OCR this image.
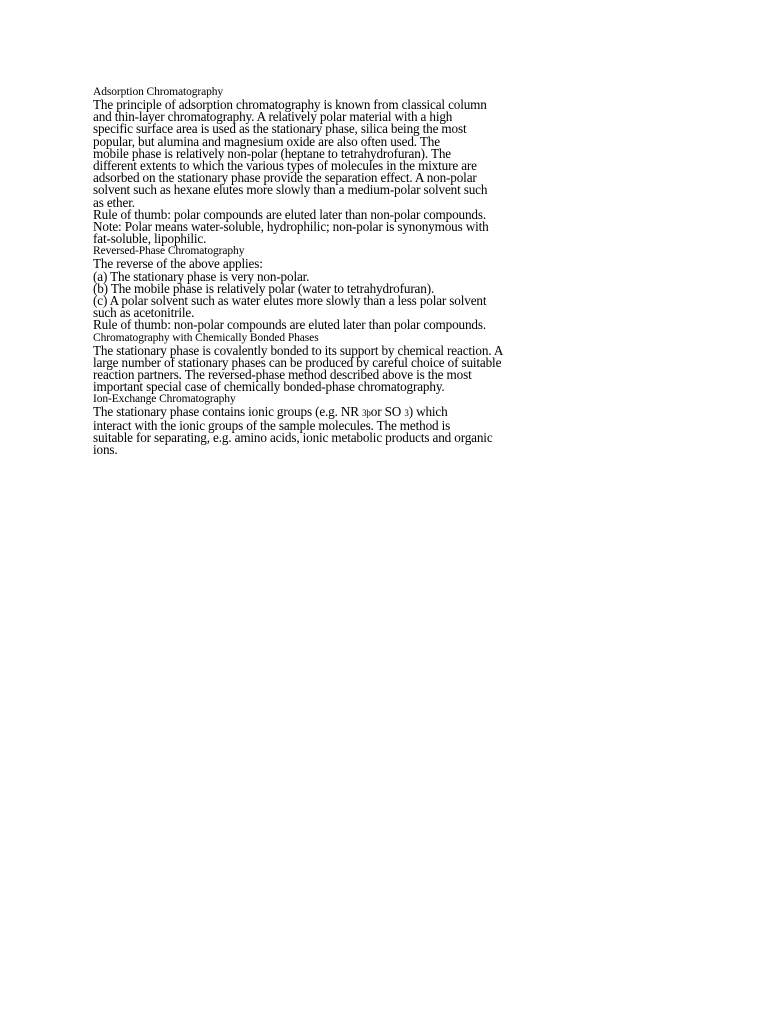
Adsorption Chromatography
The principle of adsorption chromatography is known from classical column
and thin-layer chromatography. A relatively polar material with a high
specific surface area is used as the stationary phase, silica being the most
popular, but alumina and magnesium oxide are also often used. The
mobile phase is relatively non-polar (heptane to tetrahydrofuran). The
different extents to which the various types of molecules in the mixture are
adsorbed on the stationary phase provide the separation effect. A non-polar
solvent such as hexane elutes more slowly than a medium-polar solvent such
as ether.
Rule of thumb: polar compounds are eluted later than non-polar compounds.
Note: Polar means water-soluble, hydrophilic; non-polar is synonymous with
fat-soluble, lipophilic.
Reversed-Phase Chromatography
The reverse of the above applies:
(a) The stationary phase is very non-polar.
(b) The mobile phase is relatively polar (water to tetrahydrofuran).
(c) A polar solvent such as water elutes more slowly than a less polar solvent
such as acetonitrile.
Rule of thumb: non-polar compounds are eluted later than polar compounds.
Chromatography with Chemically Bonded Phases
The stationary phase is covalently bonded to its support by chemical reaction. A
large number of stationary phases can be produced by careful choice of suitable
reaction partners. The reversed-phase method described above is the most
important special case of chemically bonded-phase chromatography.
Ion-Exchange Chromatography
The stationary phase contains ionic groups (e.g. NR 3þor SO 3) which
interact with the ionic groups of the sample molecules. The method is
suitable for separating, e.g. amino acids, ionic metabolic products and organic
ions.
